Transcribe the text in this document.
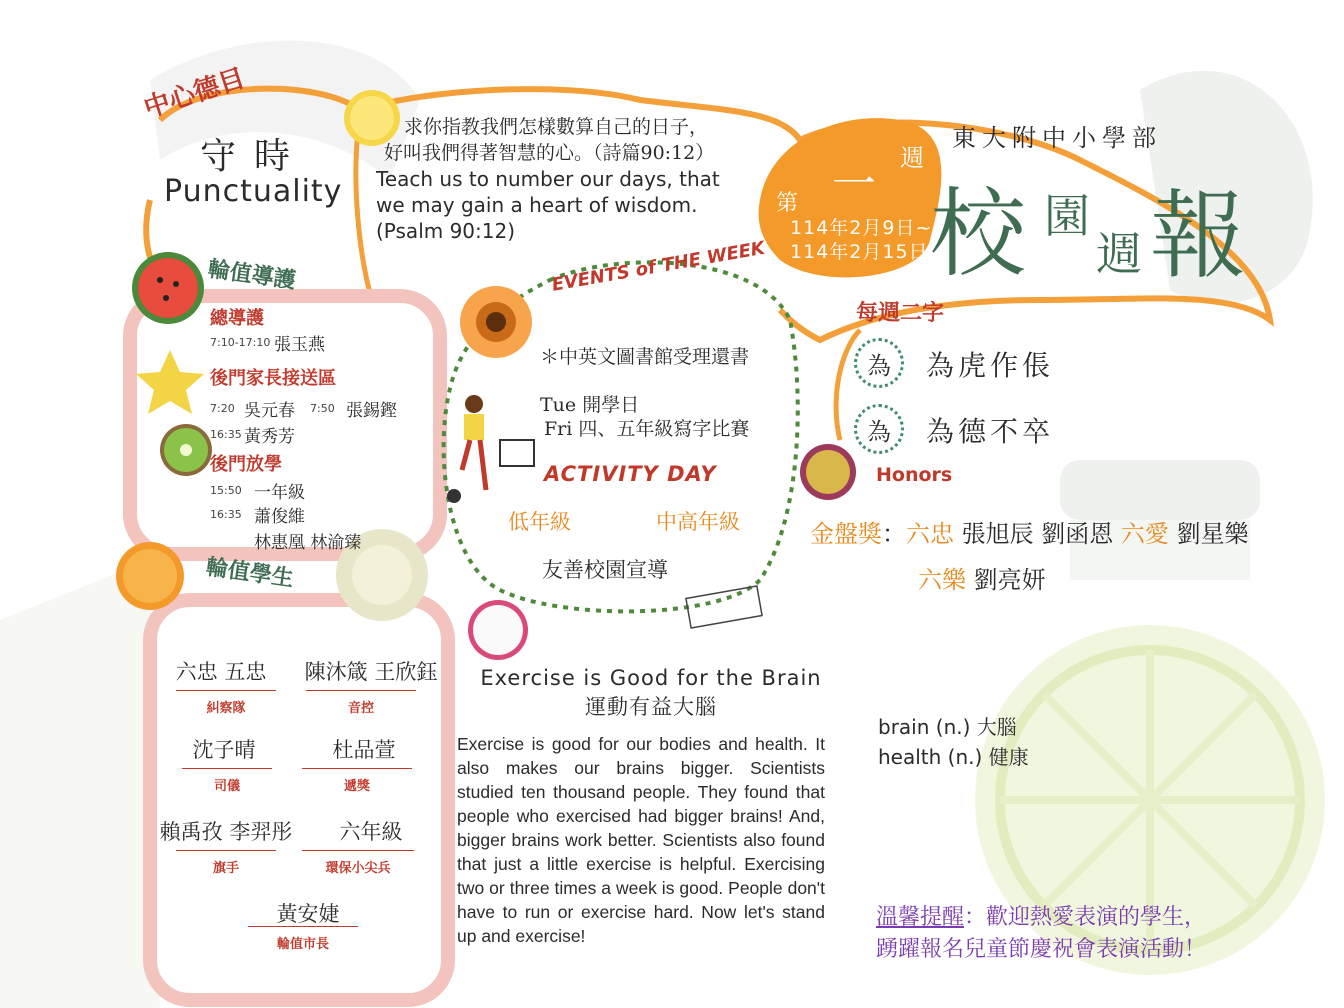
中心德目
守時
Punctuality
求你指教我們怎樣數算自己的日子，
好叫我們得著智慧的心。（詩篇90:12）
Teach us to number our days, that
we may gain a heart of wisdom.
(Psalm 90:12)
東大附中小學部
第 一
週
114年2月9日~
114年2月15日 校 園
週 報
輪值導護
總導護
7:10-17:10 張玉燕
後門家長接送區
7:20 吳元春 7:50 張錫鏗
16:35 黃秀芳
後門放學
15:50 一年級
16:35 蕭俊維
林惠凰 林渝臻
EVENTS of THE WEEK
＊中英文圖書館受理還書
Tue 開學日
Fri 四、五年級寫字比賽
ACTIVITY DAY
低年級	中高年級
友善校園宣導
每週二字
為	為虎作倀
為	為德不卒
Honors
金盤獎：六忠 張旭辰 劉函恩 六愛 劉星樂
六樂 劉亮妍
輪值學生
六忠 五忠
糾察隊
陳沐箴 王欣鈺
音控
沈子晴
司儀
杜品萱
遞獎
賴禹孜 李羿彤
旗手
六年級
環保小尖兵
黃安婕
輪值市長
Exercise is Good for the Brain
運動有益大腦
Exercise is good for our bodies and health. It also makes our brains bigger. Scientists studied ten thousand people. They found that people who exercised had bigger brains! And, bigger brains work better. Scientists also found that just a little exercise is helpful. Exercising two or three times a week is good. People don't have to run or exercise hard. Now let's stand up and exercise!
brain (n.) 大腦
health (n.) 健康
溫馨提醒：歡迎熱愛表演的學生，
踴躍報名兒童節慶祝會表演活動！
